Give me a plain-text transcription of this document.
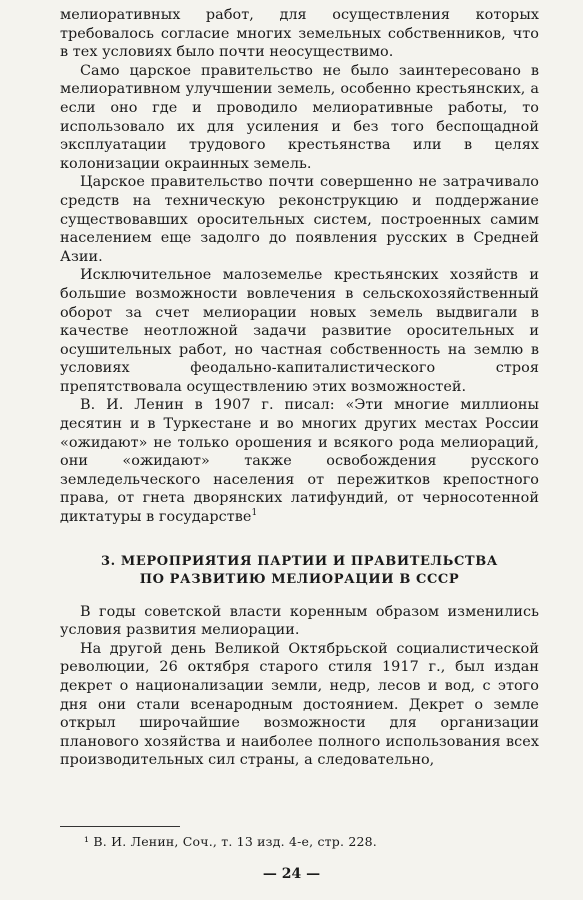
мелиоративных работ, для осуществления которых требовалось согласие многих земельных собственников, что в тех условиях было почти неосуществимо.

Само царское правительство не было заинтересовано в мелиоративном улучшении земель, особенно крестьянских, а если оно где и проводило мелиоративные работы, то использовало их для усиления и без того беспощадной эксплуатации трудового крестьянства или в целях колонизации окраинных земель.

Царское правительство почти совершенно не затрачивало средств на техническую реконструкцию и поддержание существовавших оросительных систем, построенных самим населением еще задолго до появления русских в Средней Азии.

Исключительное малоземелье крестьянских хозяйств и большие возможности вовлечения в сельскохозяйственный оборот за счет мелиорации новых земель выдвигали в качестве неотложной задачи развитие оросительных и осушительных работ, но частная собственность на землю в условиях феодально-капиталистического строя препятствовала осуществлению этих возможностей.

В. И. Ленин в 1907 г. писал: «Эти многие миллионы десятин и в Туркестане и во многих других местах России «ожидают» не только орошения и всякого рода мелиораций, они «ожидают» также освобождения русского земледельческого населения от пережитков крепостного права, от гнета дворянских латифундий, от черносотенной диктатуры в государстве$^1$

3. МЕРОПРИЯТИЯ ПАРТИИ И ПРАВИТЕЛЬСТВА
ПО РАЗВИТИЮ МЕЛИОРАЦИИ В СССР

В годы советской власти коренным образом изменились условия развития мелиорации.

На другой день Великой Октябрьской социалистической революции, 26 октября старого стиля 1917 г., был издан декрет о национализации земли, недр, лесов и вод, с этого дня они стали всенародным достоянием. Декрет о земле открыл широчайшие возможности для организации планового хозяйства и наиболее полного использования всех производительных сил страны, а следовательно,

¹ В. И. Ленин, Соч., т. 13 изд. 4-е, стр. 228.

— 24 —
